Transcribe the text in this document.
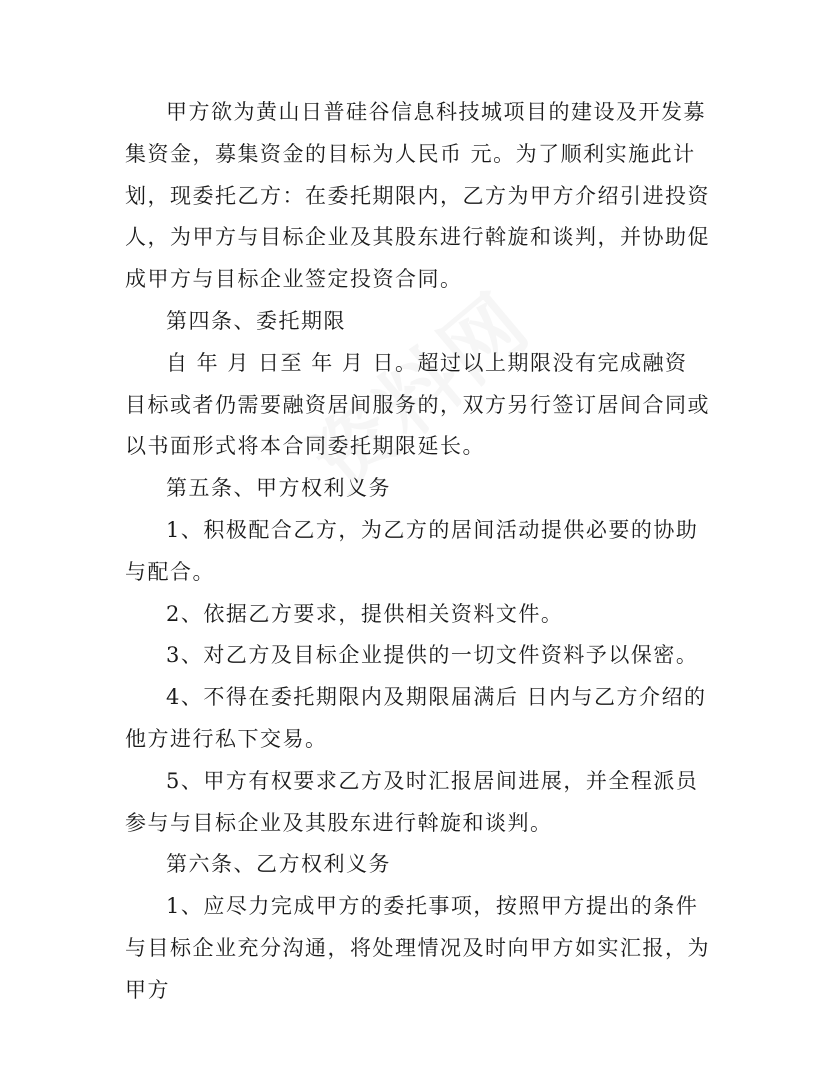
甲方欲为黄山日普硅谷信息科技城项目的建设及开发募集资金，募集资金的目标为人民币 元。为了顺利实施此计划，现委托乙方：在委托期限内，乙方为甲方介绍引进投资人，为甲方与目标企业及其股东进行斡旋和谈判，并协助促成甲方与目标企业签定投资合同。

第四条、委托期限

自 年 月 日至 年 月 日。超过以上期限没有完成融资目标或者仍需要融资居间服务的，双方另行签订居间合同或以书面形式将本合同委托期限延长。

第五条、甲方权利义务

1、积极配合乙方，为乙方的居间活动提供必要的协助与配合。

2、依据乙方要求，提供相关资料文件。

3、对乙方及目标企业提供的一切文件资料予以保密。

4、不得在委托期限内及期限届满后 日内与乙方介绍的他方进行私下交易。

5、甲方有权要求乙方及时汇报居间进展，并全程派员参与与目标企业及其股东进行斡旋和谈判。

第六条、乙方权利义务

1、应尽力完成甲方的委托事项，按照甲方提出的条件与目标企业充分沟通，将处理情况及时向甲方如实汇报，为甲方
